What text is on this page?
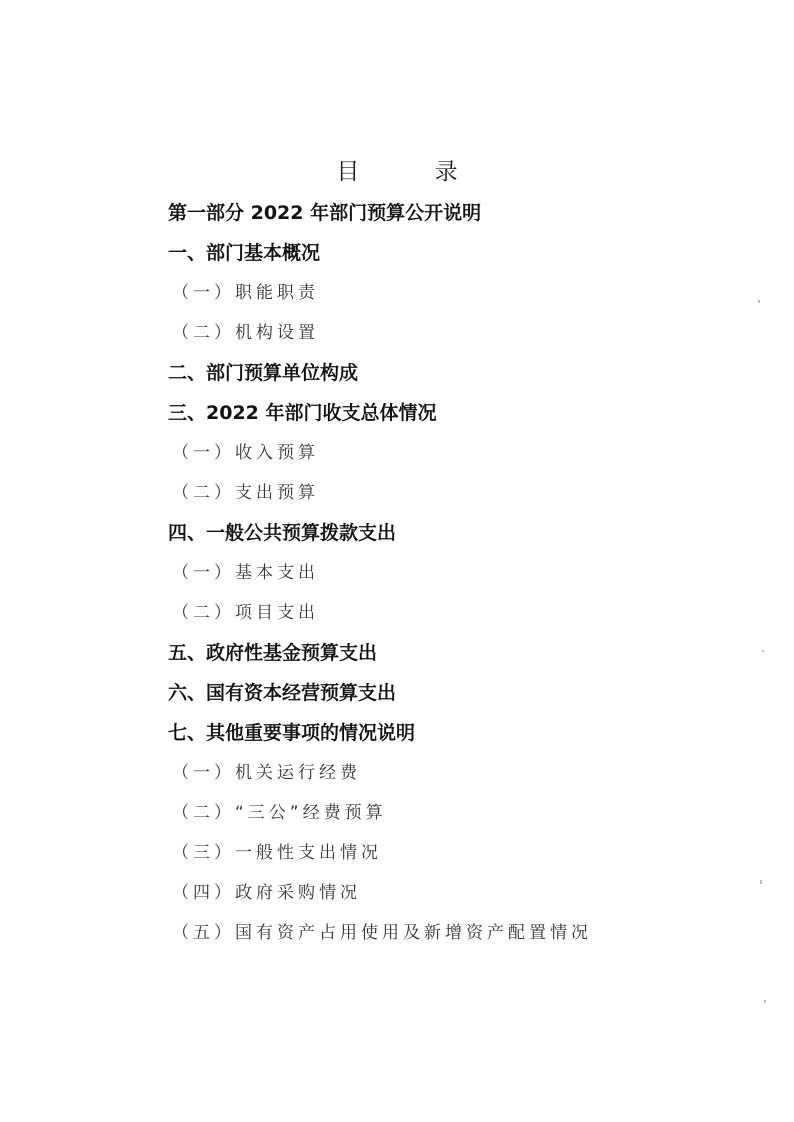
目 录
第一部分 2022 年部门预算公开说明
一、部门基本概况
（一）职能职责
（二）机构设置
二、部门预算单位构成
三、2022 年部门收支总体情况
（一）收入预算
（二）支出预算
四、一般公共预算拨款支出
（一）基本支出
（二）项目支出
五、政府性基金预算支出
六、国有资本经营预算支出
七、其他重要事项的情况说明
（一）机关运行经费
（二）“三公”经费预算
（三）一般性支出情况
（四）政府采购情况
（五）国有资产占用使用及新增资产配置情况
